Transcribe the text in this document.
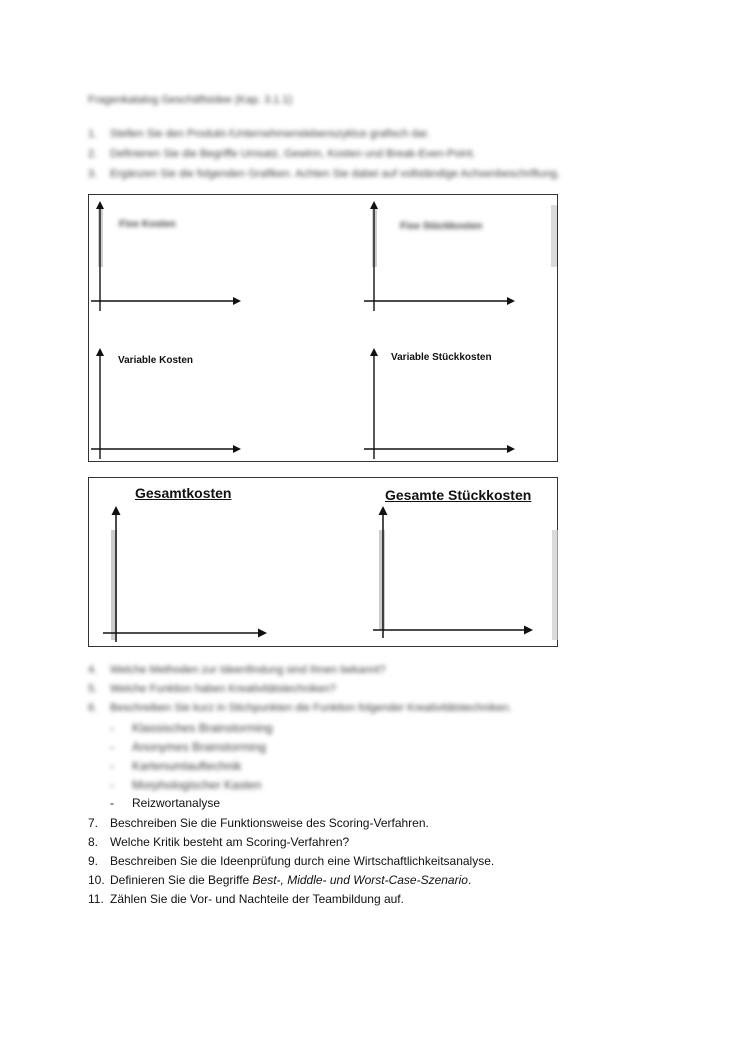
Fragenkatalog Geschäftsidee (Kap. 3.1.1)
1. Stellen Sie den Produkt-/Unternehmenslebenszyklus grafisch dar.
2. Definieren Sie die Begriffe Umsatz, Gewinn, Kosten und Break-Even-Point.
3. Ergänzen Sie die folgenden Grafiken. Achten Sie dabei auf vollständige Achsenbeschriftung.
Fixe Kosten	Fixe Stückkosten
Variable Kosten	Variable Stückkosten
Gesamtkosten	Gesamte Stückkosten
4. Welche Methoden zur Ideenfindung sind Ihnen bekannt?
5. Welche Funktion haben Kreativitätstechniken?
6. Beschreiben Sie kurz in Stichpunkten die Funktion folgender Kreativitätstechniken.
- Klassisches Brainstorming
- Anonymes Brainstorming
- Kartenumlauftechnik
- Morphologischer Kasten
- Reizwortanalyse
7. Beschreiben Sie die Funktionsweise des Scoring-Verfahren.
8. Welche Kritik besteht am Scoring-Verfahren?
9. Beschreiben Sie die Ideenprüfung durch eine Wirtschaftlichkeitsanalyse.
10. Definieren Sie die Begriffe Best-, Middle- und Worst-Case-Szenario.
11. Zählen Sie die Vor- und Nachteile der Teambildung auf.
